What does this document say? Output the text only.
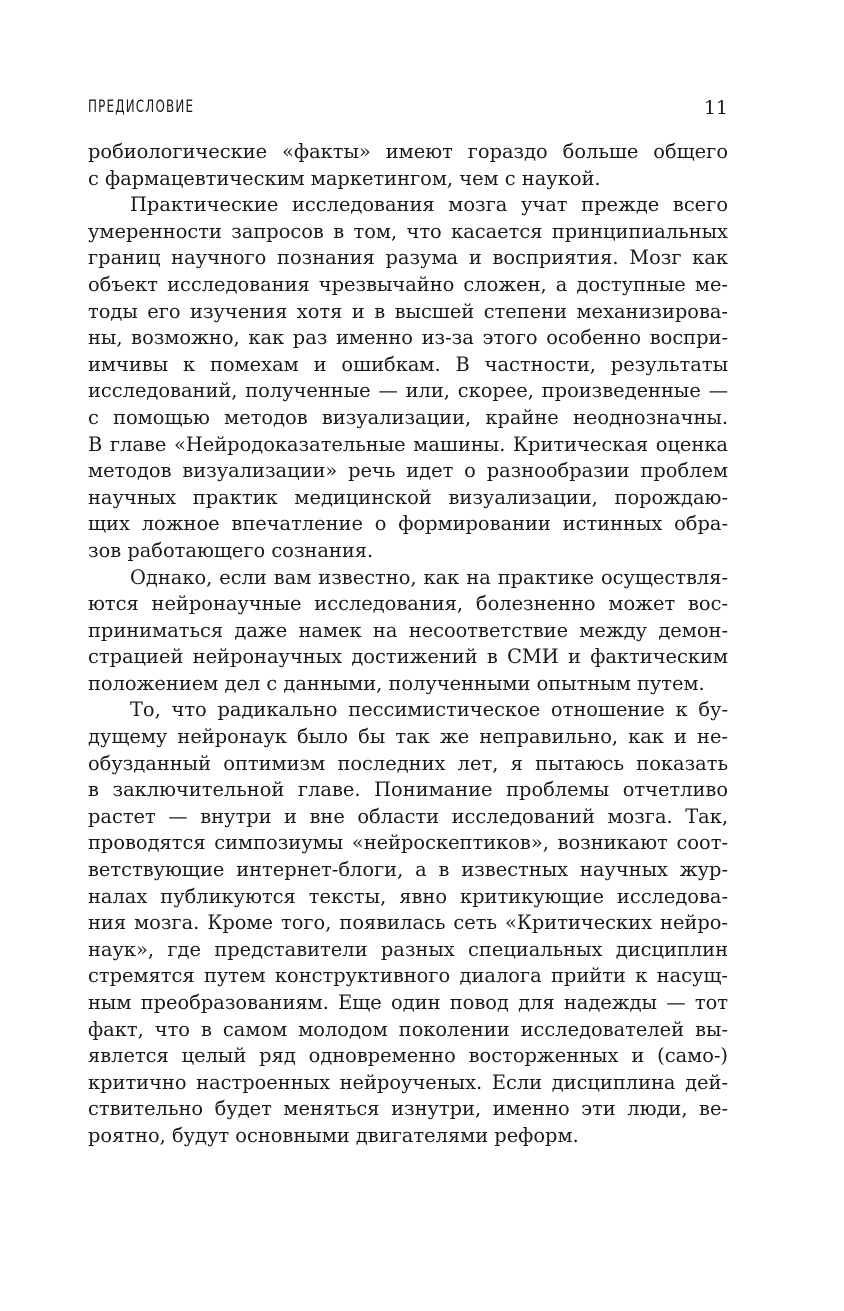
ПРЕДИСЛОВИЕ	11
робиологические «факты» имеют гораздо больше общего
с фармацевтическим маркетингом, чем с наукой.
Практические исследования мозга учат прежде всего
умеренности запросов в том, что касается принципиальных
границ научного познания разума и восприятия. Мозг как
объект исследования чрезвычайно сложен, а доступные ме-
тоды его изучения хотя и в высшей степени механизирова-
ны, возможно, как раз именно из-за этого особенно воспри-
имчивы к помехам и ошибкам. В частности, результаты
исследований, полученные — или, скорее, произведенные —
с помощью методов визуализации, крайне неоднозначны.
В главе «Нейродоказательные машины. Критическая оценка
методов визуализации» речь идет о разнообразии проблем
научных практик медицинской визуализации, порождаю-
щих ложное впечатление о формировании истинных обра-
зов работающего сознания.
Однако, если вам известно, как на практике осуществля-
ются нейронаучные исследования, болезненно может вос-
приниматься даже намек на несоответствие между демон-
страцией нейронаучных достижений в СМИ и фактическим
положением дел с данными, полученными опытным путем.
То, что радикально пессимистическое отношение к бу-
дущему нейронаук было бы так же неправильно, как и не-
обузданный оптимизм последних лет, я пытаюсь показать
в заключительной главе. Понимание проблемы отчетливо
растет — внутри и вне области исследований мозга. Так,
проводятся симпозиумы «нейроскептиков», возникают соот-
ветствующие интернет-блоги, а в известных научных жур-
налах публикуются тексты, явно критикующие исследова-
ния мозга. Кроме того, появилась сеть «Критических нейро-
наук», где представители разных специальных дисциплин
стремятся путем конструктивного диалога прийти к насущ-
ным преобразованиям. Еще один повод для надежды — тот
факт, что в самом молодом поколении исследователей вы-
явлется целый ряд одновременно восторженных и (само-)
критично настроенных нейроученых. Если дисциплина дей-
ствительно будет меняться изнутри, именно эти люди, ве-
роятно, будут основными двигателями реформ.
